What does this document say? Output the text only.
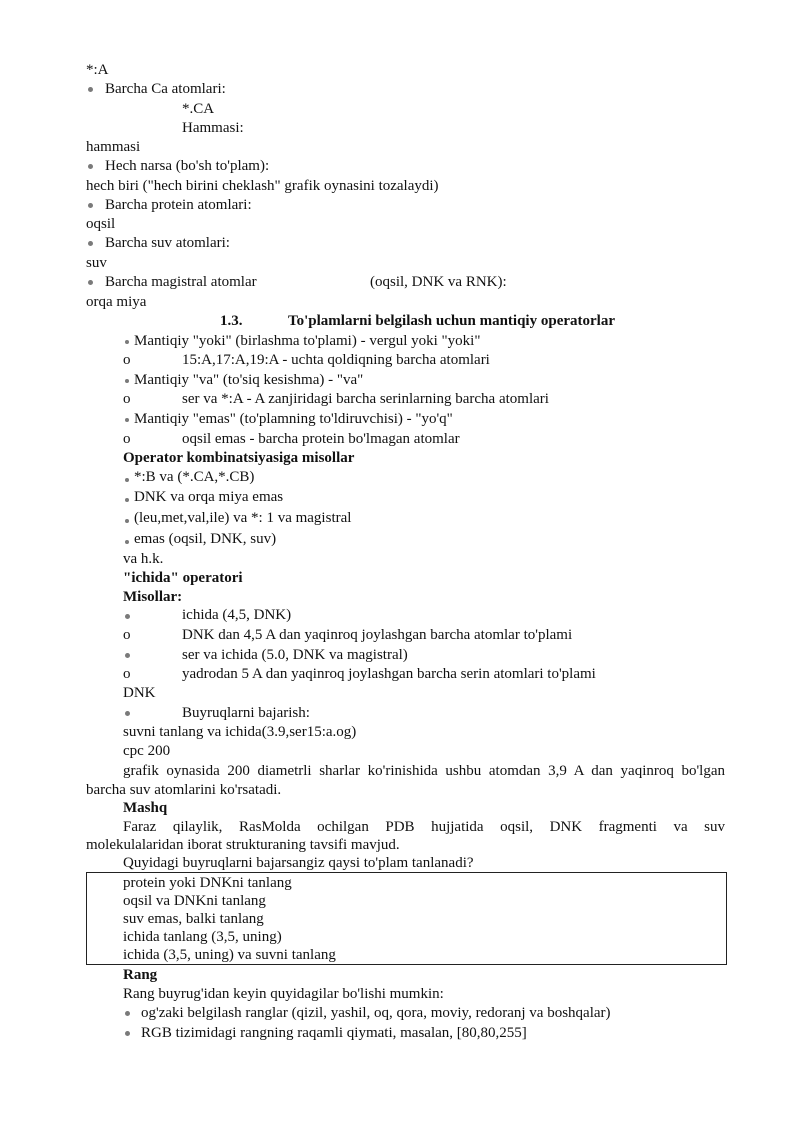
*:A
Barcha Ca atomlari:
*.CA
Hammasi:
hammasi
Hech narsa (bo'sh to'plam):
hech biri ("hech birini cheklash" grafik oynasini tozalaydi)
Barcha protein atomlari:
oqsil
Barcha suv atomlari:
suv
Barcha magistral atomlar	(oqsil, DNK va RNK):
orqa miya
1.3.	To'plamlarni belgilash uchun mantiqiy operatorlar
Mantiqiy "yoki" (birlashma to'plami) - vergul yoki "yoki"
o	15:A,17:A,19:A - uchta qoldiqning barcha atomlari
Mantiqiy "va" (to'siq kesishma) - "va"
o	ser va *:A - A zanjiridagi barcha serinlarning barcha atomlari
Mantiqiy "emas" (to'plamning to'ldiruvchisi) - "yo'q"
o	oqsil emas - barcha protein bo'lmagan atomlar
Operator kombinatsiyasiga misollar
*:B va (*.CA,*.CB)
DNK va orqa miya emas
(leu,met,val,ile) va *: 1 va magistral
emas (oqsil, DNK, suv)
va h.k.
"ichida" operatori
Misollar:
ichida (4,5, DNK)
o	DNK dan 4,5 A dan yaqinroq joylashgan barcha atomlar to'plami
ser va ichida (5.0, DNK va magistral)
o	yadrodan 5 A dan yaqinroq joylashgan barcha serin atomlari to'plami
DNK
Buyruqlarni bajarish:
suvni tanlang va ichida(3.9,ser15:a.og)
cpc 200
grafik oynasida 200 diametrli sharlar ko'rinishida ushbu atomdan 3,9 A dan yaqinroq bo'lgan
barcha suv atomlarini ko'rsatadi.
Mashq
Faraz qilaylik, RasMolda ochilgan PDB hujjatida oqsil, DNK fragmenti va suv
molekulalaridan iborat strukturaning tavsifi mavjud.
Quyidagi buyruqlarni bajarsangiz qaysi to'plam tanlanadi?
protein yoki DNKni tanlang
oqsil va DNKni tanlang
suv emas, balki tanlang
ichida tanlang (3,5, uning)
ichida (3,5, uning) va suvni tanlang
Rang
Rang buyrug'idan keyin quyidagilar bo'lishi mumkin:
og'zaki belgilash ranglar (qizil, yashil, oq, qora, moviy, redoranj va boshqalar)
RGB tizimidagi rangning raqamli qiymati, masalan, [80,80,255]
